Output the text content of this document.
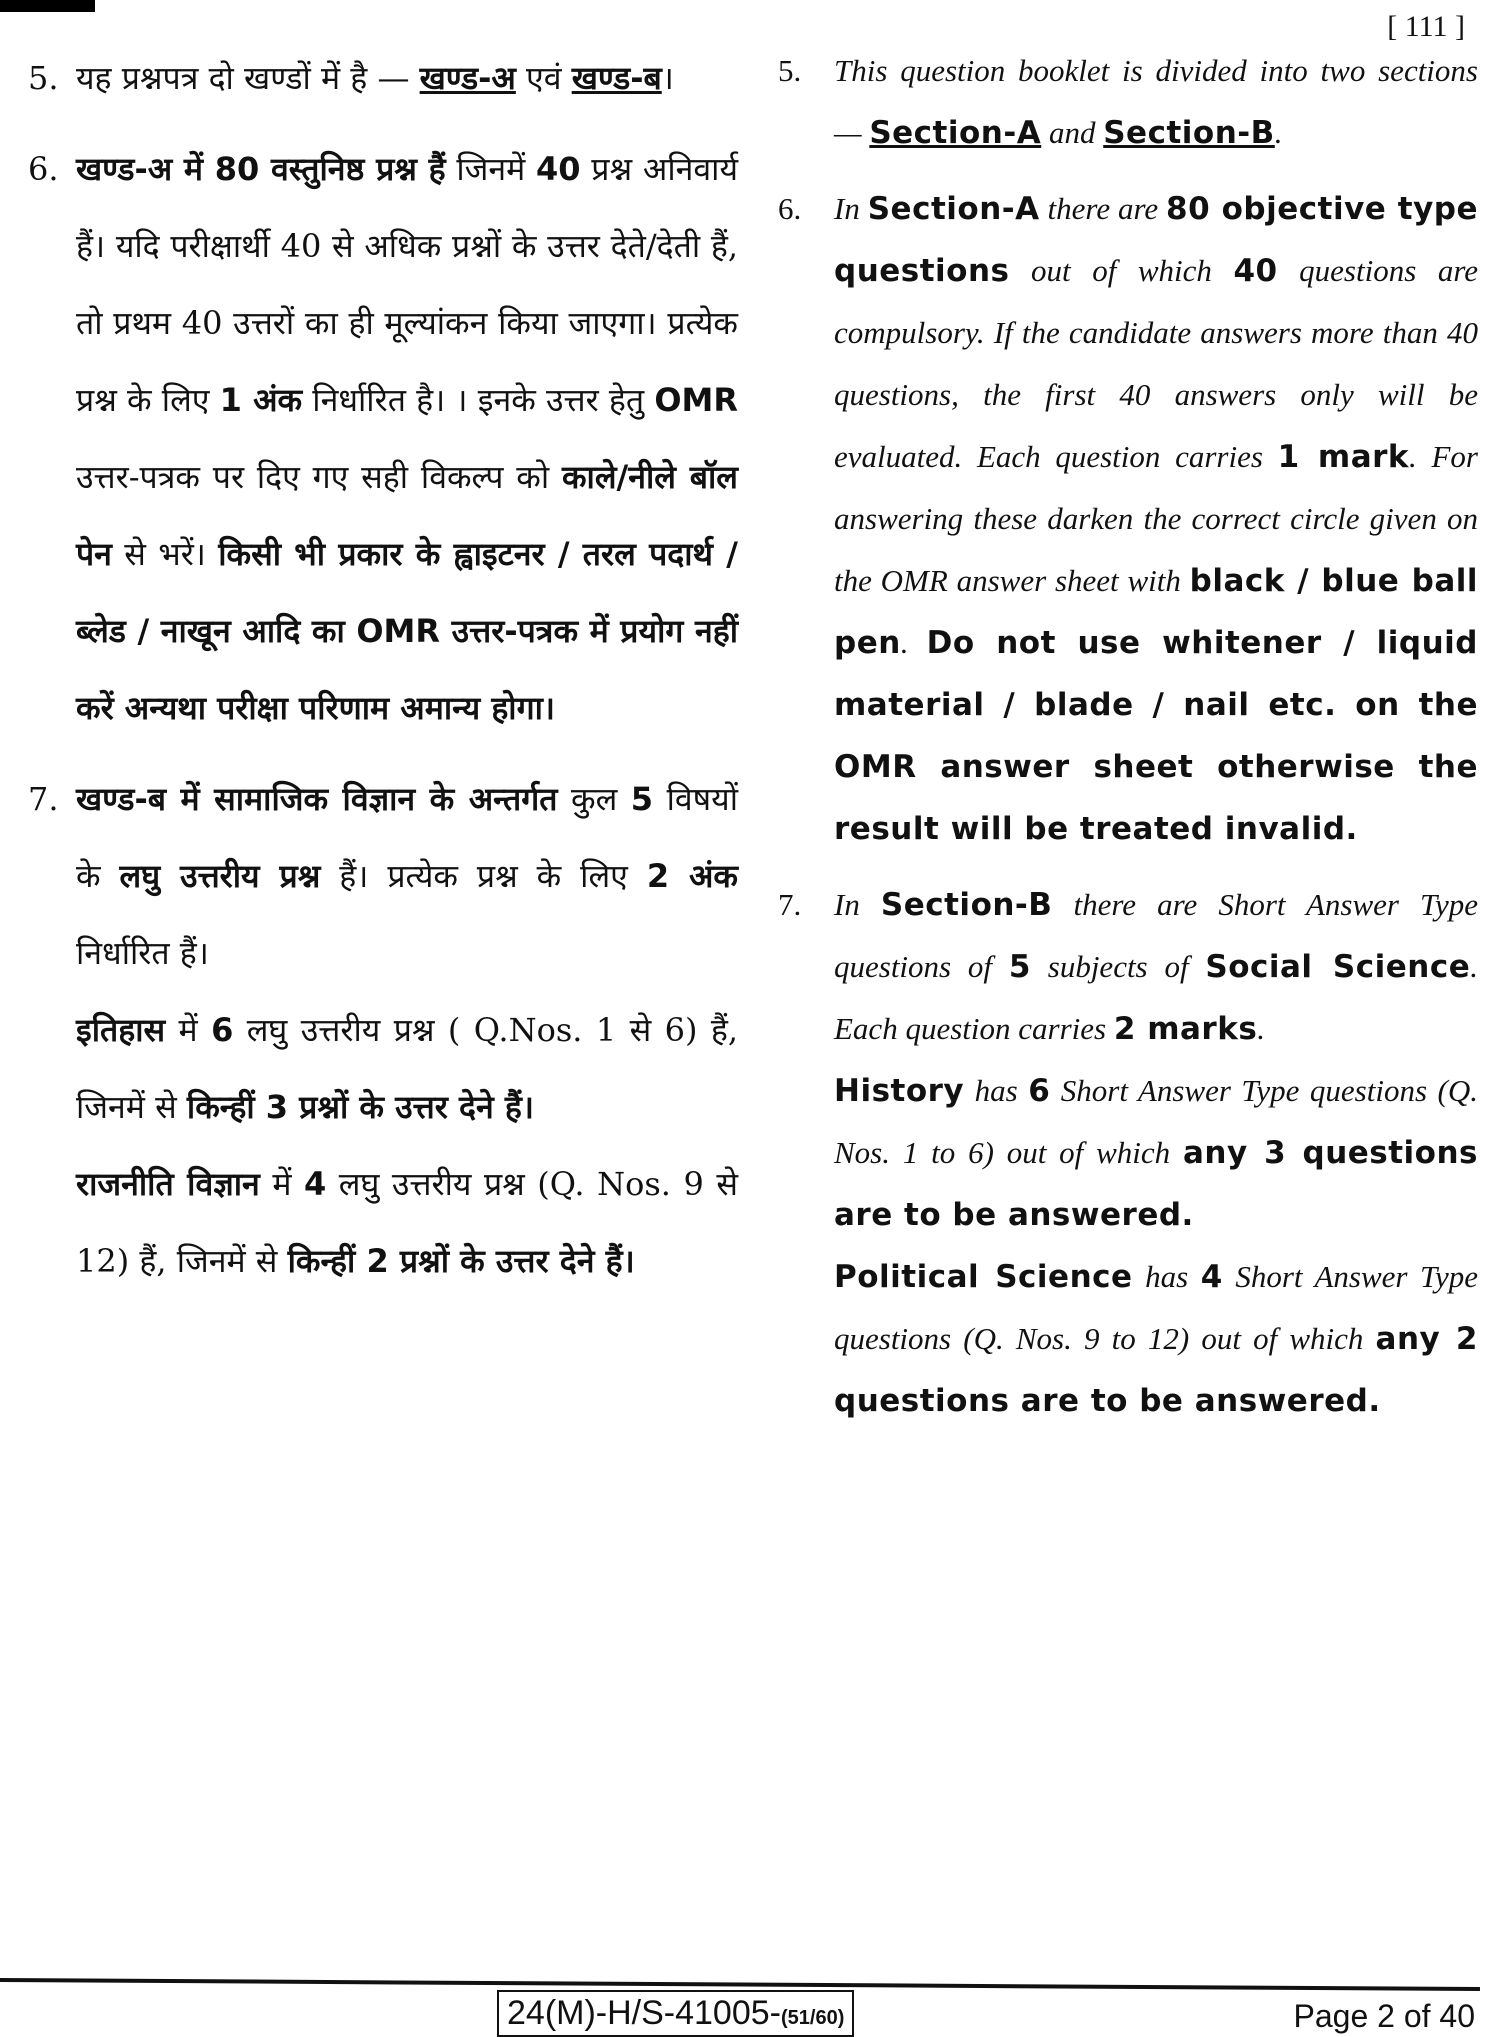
[ 111 ]
5. यह प्रश्नपत्र दो खण्डों में है — खण्ड-अ एवं खण्ड-ब।

6. खण्ड-अ में 80 वस्तुनिष्ठ प्रश्न हैं जिनमें 40 प्रश्न अनिवार्य हैं। यदि परीक्षार्थी 40 से अधिक प्रश्नों के उत्तर देते/देती हैं, तो प्रथम 40 उत्तरों का ही मूल्यांकन किया जाएगा। प्रत्येक प्रश्न के लिए 1 अंक निर्धारित है। । इनके उत्तर हेतु OMR उत्तर-पत्रक पर दिए गए सही विकल्प को काले/नीले बॉल पेन से भरें। किसी भी प्रकार के ह्वाइटनर / तरल पदार्थ / ब्लेड / नाखून आदि का OMR उत्तर-पत्रक में प्रयोग नहीं करें अन्यथा परीक्षा परिणाम अमान्य होगा।

7. खण्ड-ब में सामाजिक विज्ञान के अन्तर्गत कुल 5 विषयों के लघु उत्तरीय प्रश्न हैं। प्रत्येक प्रश्न के लिए 2 अंक निर्धारित हैं।

इतिहास में 6 लघु उत्तरीय प्रश्न ( Q.Nos. 1 से 6) हैं, जिनमें से किन्हीं 3 प्रश्नों के उत्तर देने हैं।

राजनीति विज्ञान में 4 लघु उत्तरीय प्रश्न (Q. Nos. 9 से 12) हैं, जिनमें से किन्हीं 2 प्रश्नों के उत्तर देने हैं।

5.	This question booklet is divided into two sections — Section-A and Section-B.

6.	In Section-A there are 80 objective type questions out of which 40 questions are compulsory. If the candidate answers more than 40 questions, the first 40 answers only will be evaluated. Each question carries 1 mark. For answering these darken the correct circle given on the OMR answer sheet with black / blue ball pen. Do not use whitener / liquid material / blade / nail etc. on the OMR answer sheet otherwise the result will be treated invalid.

7.	In Section-B there are Short Answer Type questions of 5 subjects of Social Science. Each question carries 2 marks.

History has 6 Short Answer Type questions (Q. Nos. 1 to 6) out of which any 3 questions are to be answered.

Political Science has 4 Short Answer Type questions (Q. Nos. 9 to 12) out of which any 2 questions are to be answered.

24(M)-H/S-41005-(51/60)	Page 2 of 40
